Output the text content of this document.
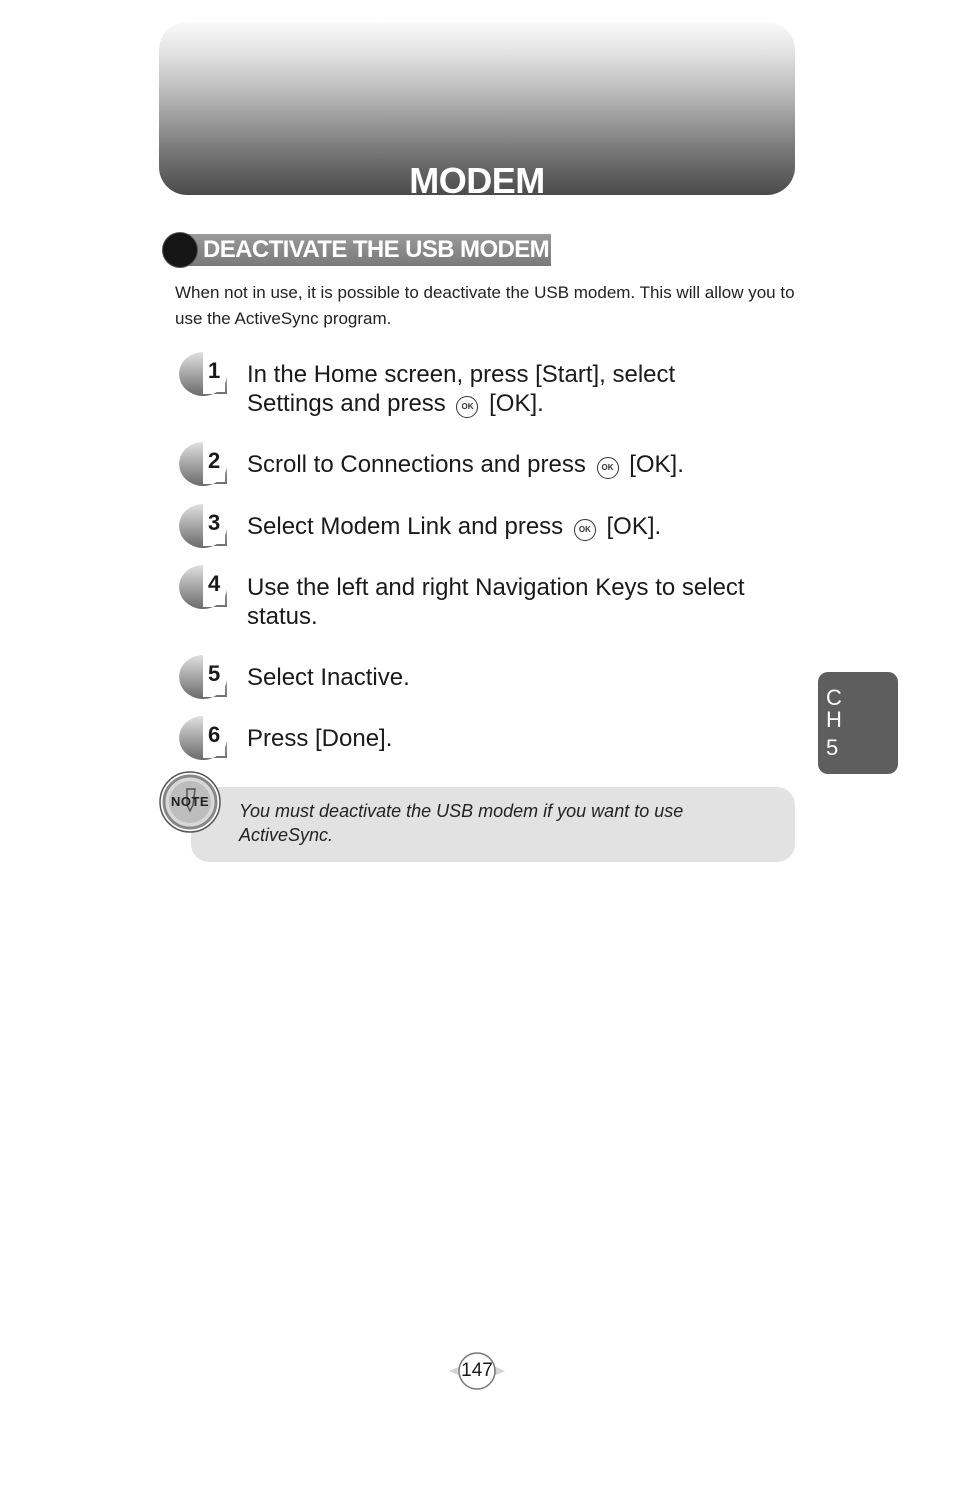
MODEM
DEACTIVATE THE USB MODEM
When not in use, it is possible to deactivate the USB modem. This will allow you to use the ActiveSync program.
1 In the Home screen, press [Start], select
Settings and press OK [OK].
2 Scroll to Connections and press OK [OK].
3 Select Modem Link and press OK [OK].
4 Use the left and right Navigation Keys to select status.
5 Select Inactive.
6 Press [Done].
You must deactivate the USB modem if you want to use ActiveSync.
NOTE
C
H
5
147
